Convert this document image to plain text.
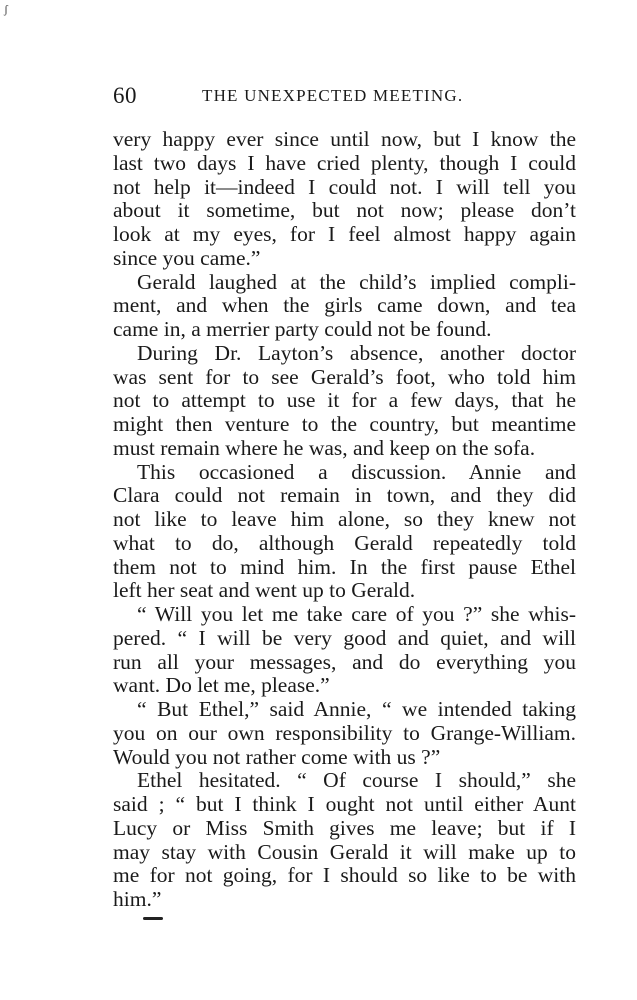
ʃ
60	THE UNEXPECTED MEETING.
very happy ever since until now, but I know the
last two days I have cried plenty, though I could
not help it—indeed I could not. I will tell you
about it sometime, but not now; please don’t
look at my eyes, for I feel almost happy again
since you came.”
Gerald laughed at the child’s implied compli-
ment, and when the girls came down, and tea
came in, a merrier party could not be found.
During Dr. Layton’s absence, another doctor
was sent for to see Gerald’s foot, who told him
not to attempt to use it for a few days, that he
might then venture to the country, but meantime
must remain where he was, and keep on the sofa.
This occasioned a discussion. Annie and
Clara could not remain in town, and they did
not like to leave him alone, so they knew not
what to do, although Gerald repeatedly told
them not to mind him. In the first pause Ethel
left her seat and went up to Gerald.
“ Will you let me take care of you ?” she whis-
pered. “ I will be very good and quiet, and will
run all your messages, and do everything you
want. Do let me, please.”
“ But Ethel,” said Annie, “ we intended taking
you on our own responsibility to Grange-William.
Would you not rather come with us ?”
Ethel hesitated. “ Of course I should,” she
said ; “ but I think I ought not until either Aunt
Lucy or Miss Smith gives me leave; but if I
may stay with Cousin Gerald it will make up to
me for not going, for I should so like to be with
him.”
